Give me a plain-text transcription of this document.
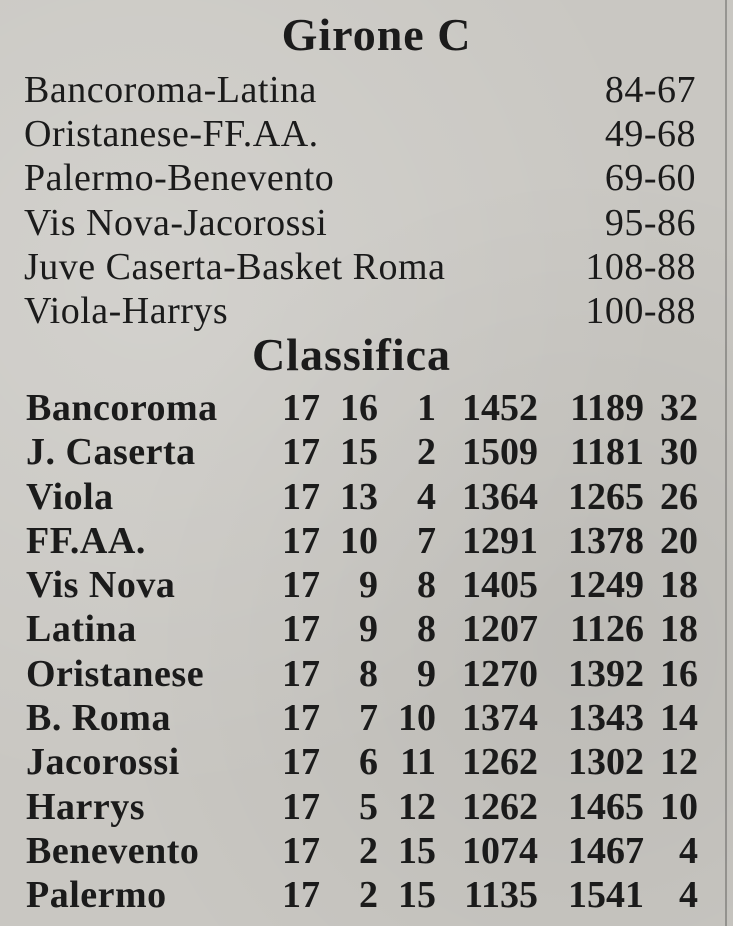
Girone C
Bancoroma-Latina	84-67
Oristanese-FF.AA.	49-68
Palermo-Benevento	69-60
Vis Nova-Jacorossi	95-86
Juve Caserta-Basket Roma	108-88
Viola-Harrys	100-88
Classifica
Bancoroma 17 16	1 1452 1189 32
J. Caserta 17 15	2 1509 1181 30
Viola	17 13	4 1364 1265 26
FF.AA.	17 10	7 1291 1378 20
Vis Nova	17	9	8 1405 1249 18
Latina	17	9	8 1207 1126 18
Oristanese 17	8	9 1270 1392 16
B. Roma	17	7 10 1374 1343 14
Jacorossi	17	6 11 1262 1302 12
Harrys	17	5 12 1262 1465 10
Benevento 17	2 15 1074 1467 4
Palermo	17	2 15 1135 1541 4
